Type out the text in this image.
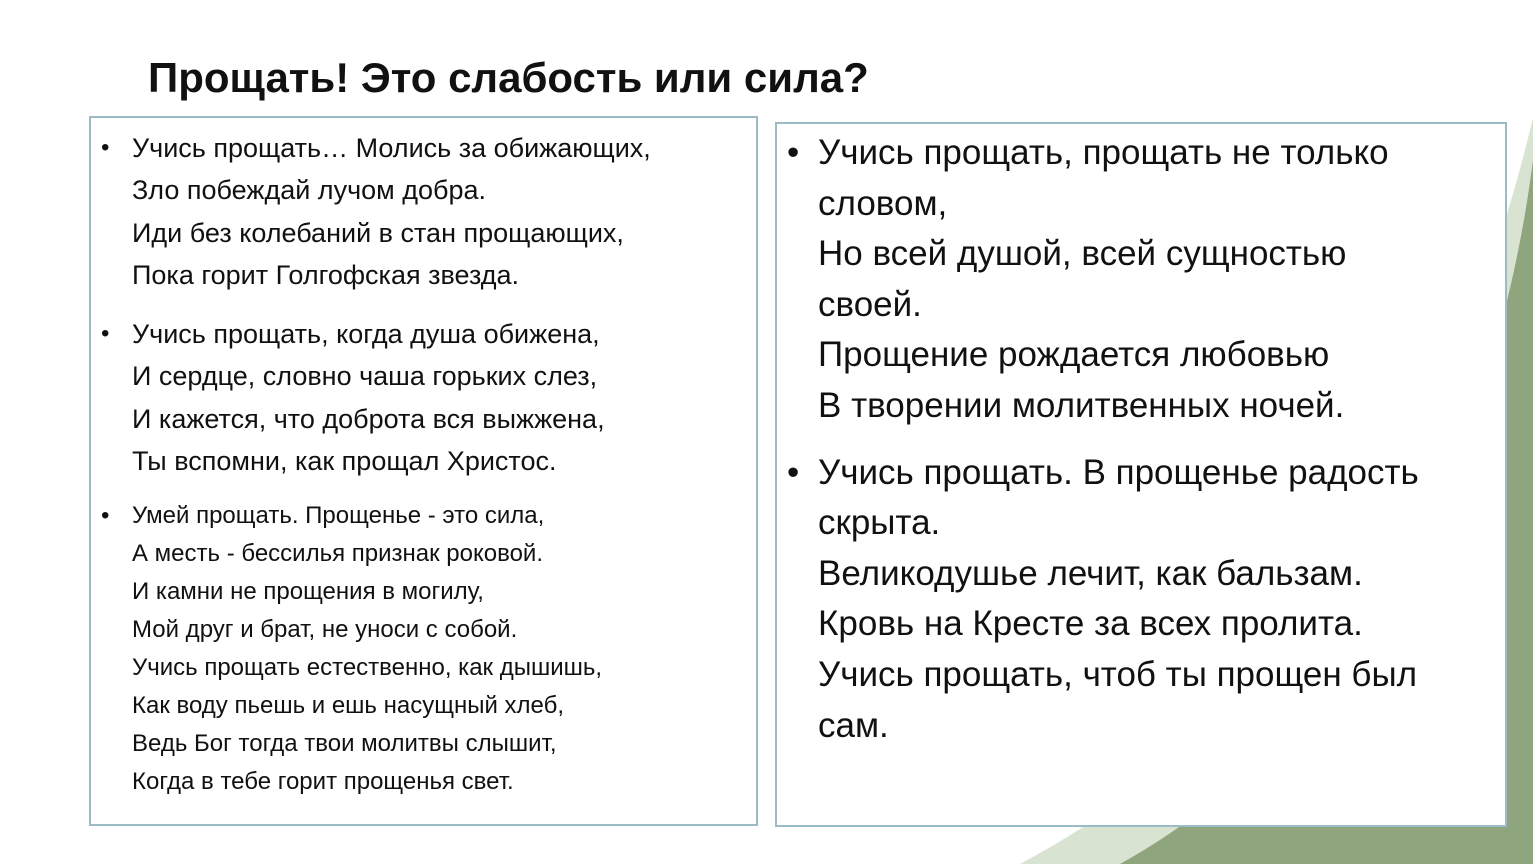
Прощать! Это слабость или сила?
• Учись прощать… Молись за обижающих,
Зло побеждай лучом добра.
Иди без колебаний в стан прощающих,
Пока горит Голгофская звезда.
• Учись прощать, когда душа обижена,
И сердце, словно чаша горьких слез,
И кажется, что доброта вся выжжена,
Ты вспомни, как прощал Христос.
• Умей прощать. Прощенье - это сила,
А месть - бессилья признак роковой.
И камни не прощения в могилу,
Мой друг и брат, не уноси с собой.
Учись прощать естественно, как дышишь,
Как воду пьешь и ешь насущный хлеб,
Ведь Бог тогда твои молитвы слышит,
Когда в тебе горит прощенья свет.
• Учись прощать, прощать не только
словом,
Но всей душой, всей сущностью
своей.
Прощение рождается любовью
В творении молитвенных ночей.
• Учись прощать. В прощенье радость
скрыта.
Великодушье лечит, как бальзам.
Кровь на Кресте за всех пролита.
Учись прощать, чтоб ты прощен был
сам.
